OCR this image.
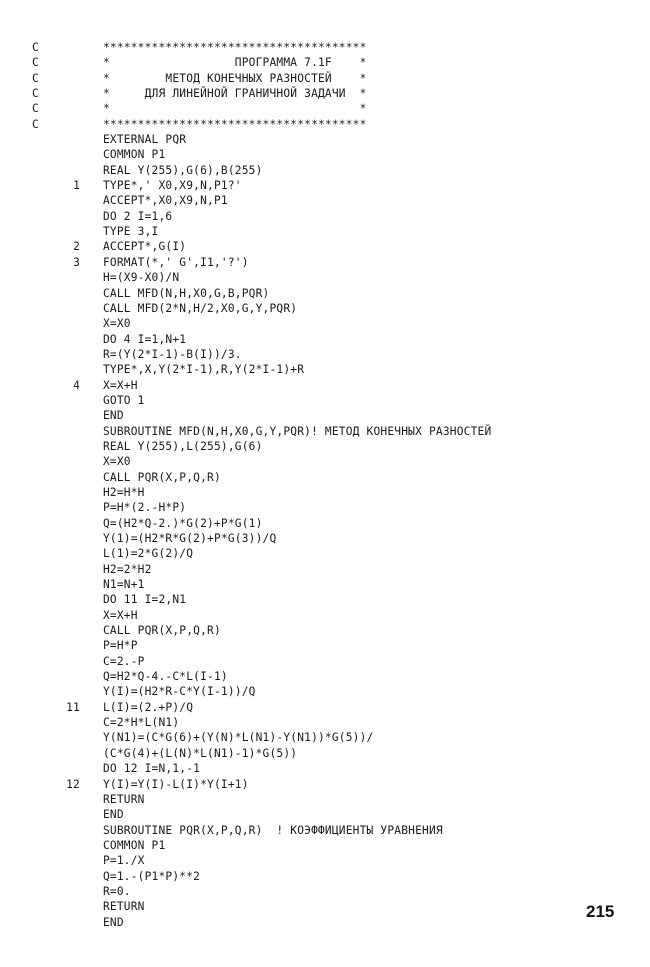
C	**************************************
C	*                  ПРОГРАММА 7.1F    *
C	*        МЕТОД КОНЕЧНЫХ РАЗНОСТЕЙ    *
C	*     ДЛЯ ЛИНЕЙНОЙ ГРАНИЧНОЙ ЗАДАЧИ  *
C	*                                    *
C	**************************************
EXTERNAL PQR
COMMON P1
REAL Y(255),G(6),B(255)
1 TYPE*,' X0,X9,N,P1?'
ACCEPT*,X0,X9,N,P1
DO 2 I=1,6
TYPE 3,I
2 ACCEPT*,G(I)
3 FORMAT(*,' G',I1,'?')
H=(X9-X0)/N
CALL MFD(N,H,X0,G,B,PQR)
CALL MFD(2*N,H/2,X0,G,Y,PQR)
X=X0
DO 4 I=1,N+1
R=(Y(2*I-1)-B(I))/3.
TYPE*,X,Y(2*I-1),R,Y(2*I-1)+R
4 X=X+H
GOTO 1
END
SUBROUTINE MFD(N,H,X0,G,Y,PQR)! МЕТОД КОНЕЧНЫХ РАЗНОСТЕЙ
REAL Y(255),L(255),G(6)
X=X0
CALL PQR(X,P,Q,R)
H2=H*H
P=H*(2.-H*P)
Q=(H2*Q-2.)*G(2)+P*G(1)
Y(1)=(H2*R*G(2)+P*G(3))/Q
L(1)=2*G(2)/Q
H2=2*H2
N1=N+1
DO 11 I=2,N1
X=X+H
CALL PQR(X,P,Q,R)
P=H*P
C=2.-P
Q=H2*Q-4.-C*L(I-1)
Y(I)=(H2*R-C*Y(I-1))/Q
11 L(I)=(2.+P)/Q
C=2*H*L(N1)
Y(N1)=(C*G(6)+(Y(N)*L(N1)-Y(N1))*G(5))/
(C*G(4)+(L(N)*L(N1)-1)*G(5))
DO 12 I=N,1,-1
12 Y(I)=Y(I)-L(I)*Y(I+1)
RETURN
END
SUBROUTINE PQR(X,P,Q,R)  ! КОЭФФИЦИЕНТЫ УРАВНЕНИЯ
COMMON P1
P=1./X
Q=1.-(P1*P)**2
R=0.
RETURN
END
215
